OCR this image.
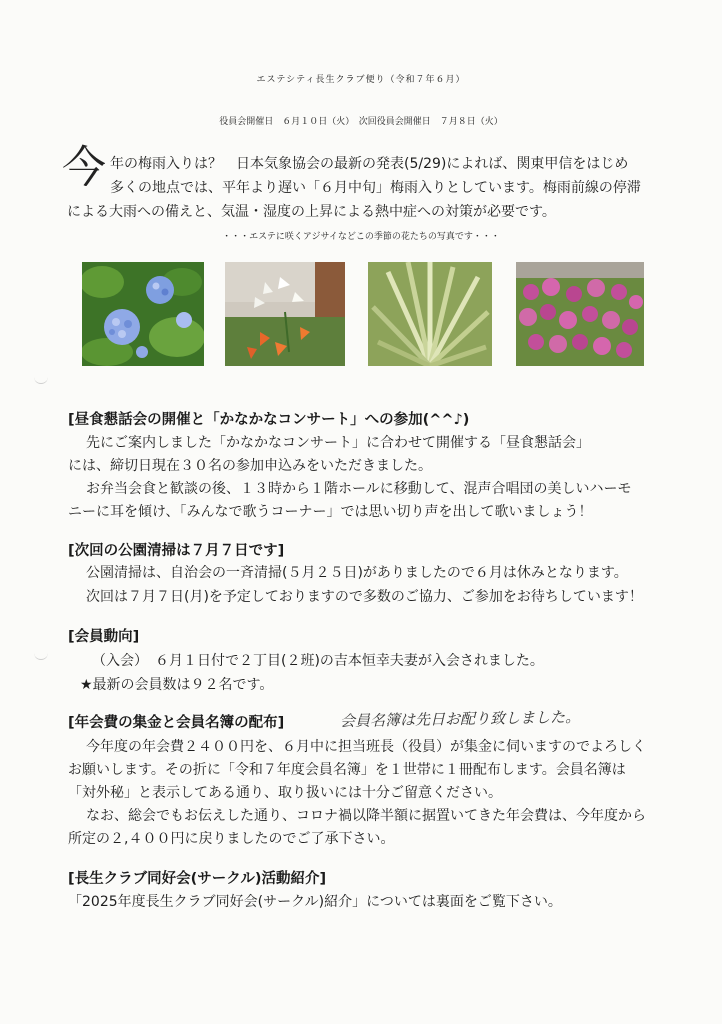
エステシティ長生クラブ便り（令和７年６月）
役員会開催日　６月１０日（火）　次回役員会開催日　７月８日（火）
今 年の梅雨入りは？　日本気象協会の最新の発表(5/29)によれば、関東甲信をはじめ
多くの地点では、平年より遅い「６月中旬」梅雨入りとしています。梅雨前線の停滞
による大雨への備えと、気温・湿度の上昇による熱中症への対策が必要です。
・・・エステに咲くアジサイなどこの季節の花たちの写真です・・・
[昼食懇話会の開催と「かなかなコンサート」への参加(^^♪)
先にご案内しました「かなかなコンサート」に合わせて開催する「昼食懇話会」
には、締切日現在３０名の参加申込みをいただきました。
お弁当会食と歓談の後、１３時から１階ホールに移動して、混声合唱団の美しいハーモ
ニーに耳を傾け、「みんなで歌うコーナー」では思い切り声を出して歌いましょう！
[次回の公園清掃は７月７日です]
公園清掃は、自治会の一斉清掃(５月２５日)がありましたので６月は休みとなります。
次回は７月７日(月)を予定しておりますので多数のご協力、ご参加をお待ちしています！
[会員動向]
（入会）　６月１日付で２丁目(２班)の吉本恒幸夫妻が入会されました。
★最新の会員数は９２名です。
[年会費の集金と会員名簿の配布]	会員名簿は先日お配り致しました。
今年度の年会費２４００円を、６月中に担当班長（役員）が集金に伺いますのでよろしく
お願いします。その折に「令和７年度会員名簿」を１世帯に１冊配布します。会員名簿は
「対外秘」と表示してある通り、取り扱いには十分ご留意ください。
なお、総会でもお伝えした通り、コロナ禍以降半額に据置いてきた年会費は、今年度から
所定の２,４００円に戻りましたのでご了承下さい。
[長生クラブ同好会(サークル)活動紹介]
「2025年度長生クラブ同好会(サークル)紹介」については裏面をご覧下さい。
